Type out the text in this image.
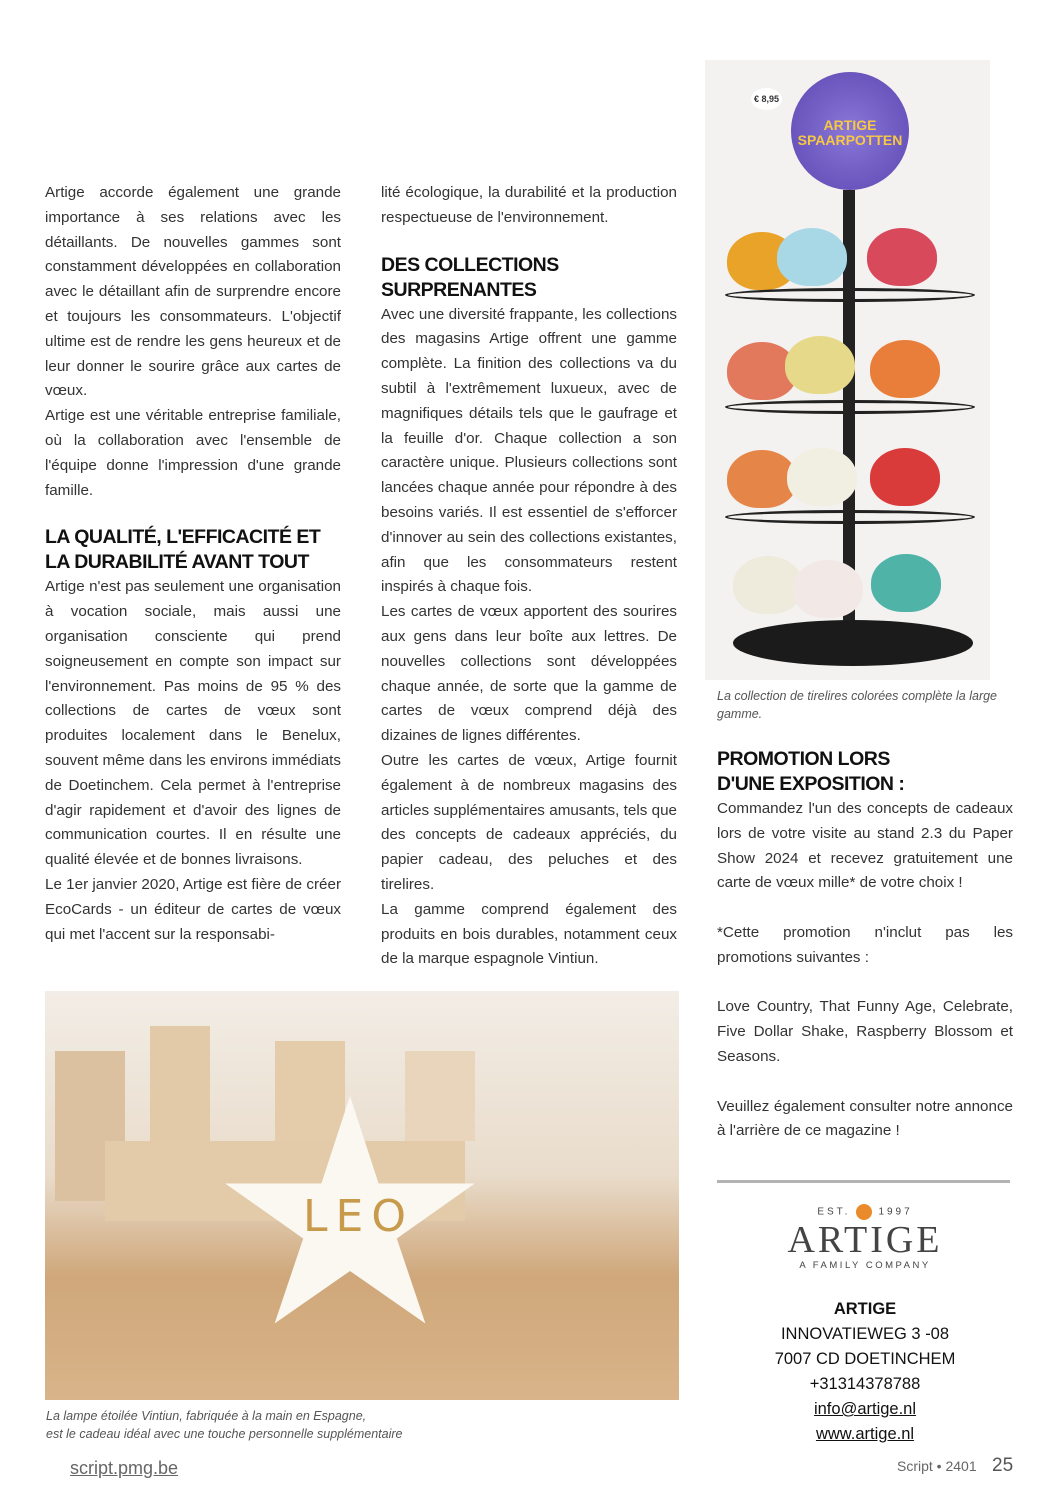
Artige accorde également une grande importance à ses relations avec les détaillants. De nouvelles gammes sont constamment développées en collaboration avec le détaillant afin de surprendre encore et toujours les consommateurs. L'objectif ultime est de rendre les gens heureux et de leur donner le sourire grâce aux cartes de vœux.

Artige est une véritable entreprise familiale, où la collaboration avec l'ensemble de l'équipe donne l'impression d'une grande famille.

LA QUALITÉ, L'EFFICACITÉ ET LA DURABILITÉ AVANT TOUT

Artige n'est pas seulement une organisation à vocation sociale, mais aussi une organisation consciente qui prend soigneusement en compte son impact sur l'environnement. Pas moins de 95 % des collections de cartes de vœux sont produites localement dans le Benelux, souvent même dans les environs immédiats de Doetinchem. Cela permet à l'entreprise d'agir rapidement et d'avoir des lignes de communication courtes. Il en résulte une qualité élevée et de bonnes livraisons.

Le 1er janvier 2020, Artige est fière de créer EcoCards - un éditeur de cartes de vœux qui met l'accent sur la responsabi-

lité écologique, la durabilité et la production respectueuse de l'environnement.

DES COLLECTIONS SURPRENANTES

Avec une diversité frappante, les collections des magasins Artige offrent une gamme complète. La finition des collections va du subtil à l'extrêmement luxueux, avec de magnifiques détails tels que le gaufrage et la feuille d'or. Chaque collection a son caractère unique. Plusieurs collections sont lancées chaque année pour répondre à des besoins variés. Il est essentiel de s'efforcer d'innover au sein des collections existantes, afin que les consommateurs restent inspirés à chaque fois.

Les cartes de vœux apportent des sourires aux gens dans leur boîte aux lettres. De nouvelles collections sont développées chaque année, de sorte que la gamme de cartes de vœux comprend déjà des dizaines de lignes différentes.

Outre les cartes de vœux, Artige fournit également à de nombreux magasins des articles supplémentaires amusants, tels que des concepts de cadeaux appréciés, du papier cadeau, des peluches et des tirelires.

La gamme comprend également des produits en bois durables, notamment ceux de la marque espagnole Vintiun.

ARTIGE SPAARPOTTEN
€ 8,95
La collection de tirelires colorées complète la large gamme.
PROMOTION LORS D'UNE EXPOSITION :

Commandez l'un des concepts de cadeaux lors de votre visite au stand 2.3 du Paper Show 2024 et recevez gratuitement une carte de vœux mille* de votre choix !

*Cette promotion n'inclut pas les promotions suivantes :

Love Country, That Funny Age, Celebrate, Five Dollar Shake, Raspberry Blossom et Seasons.

Veuillez également consulter notre annonce à l'arrière de ce magazine !

LEO
La lampe étoilée Vintiun, fabriquée à la main en Espagne,
est le cadeau idéal avec une touche personnelle supplémentaire
EST.	1997
ARTIGE
A FAMILY COMPANY
ARTIGE
INNOVATIEWEG 3 -08
7007 CD DOETINCHEM
+31314378788
info@artige.nl
www.artige.nl
script.pmg.be	Script • 2401 25
